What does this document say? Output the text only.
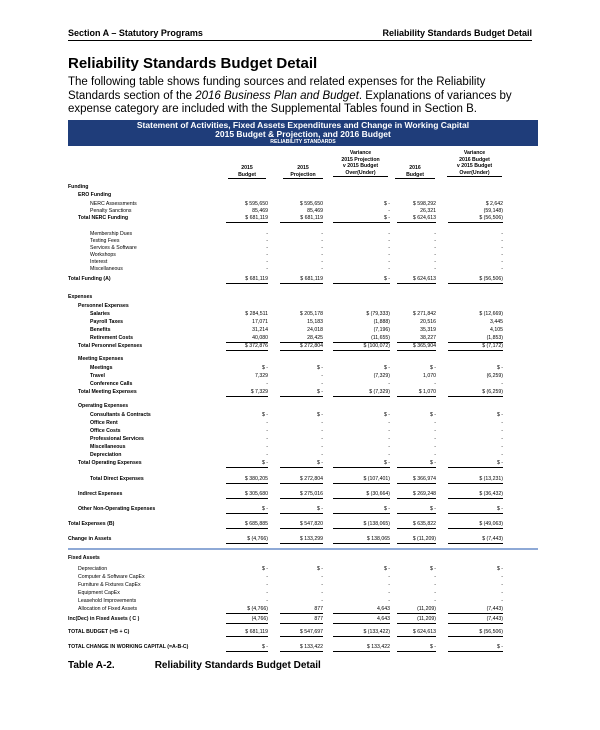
Section A – Statutory Programs	Reliability Standards Budget Detail
Reliability Standards Budget Detail
The following table shows funding sources and related expenses for the Reliability Standards section of the 2016 Business Plan and Budget. Explanations of variances by expense category are included with the Supplemental Tables found in Section B.
Statement of Activities, Fixed Assets Expenditures and Change in Working Capital
2015 Budget & Projection, and 2016 Budget
RELIABILITY STANDARDS
2015
Budget
2015
Projection
Variance
2015 Projection
v 2015 Budget
Over(Under)
2016
Budget
Variance
2016 Budget
v 2015 Budget
Over(Under)
Funding
ERO Funding
NERC Assessments	$ 595,650	$ 595,650	$ -	$ 598,292	$ 2,642
Penalty Sanctions	85,469	85,469	-	26,321	(59,148)
Total NERC Funding	$ 681,119	$ 681,119	$ -	$ 624,613	$ (56,506)
Membership Dues	-	-	-	-	-
Testing Fees	-	-	-	-	-
Services & Software	-	-	-	-	-
Workshops	-	-	-	-	-
Interest	-	-	-	-	-
Miscellaneous	-	-	-	-	-
Total Funding (A)	$ 681,119	$ 681,119	$ -	$ 624,613	$ (56,506)
Expenses
Personnel Expenses
Salaries	$ 284,511	$ 205,178	$ (79,333)	$ 271,842	$ (12,669)
Payroll Taxes	17,071	15,183	(1,888)	20,516	3,445
Benefits	31,214	24,018	(7,196)	35,319	4,105
Retirement Costs	40,080	28,425	(11,655)	38,227	(1,853)
Total Personnel Expenses	$ 372,876	$ 272,804	$ (100,072)	$ 365,904	$ (7,172)
Meeting Expenses
Meetings	$ -	$ -	$ -	$ -	$ -
Travel	7,329	-	(7,329)	1,070	(6,259)
Conference Calls	-	-	-	-	-
Total Meeting Expenses	$ 7,329	$ -	$ (7,329)	$ 1,070	$ (6,259)
Operating Expenses
Consultants & Contracts	$ -	$ -	$ -	$ -	$ -
Office Rent	-	-	-	-	-
Office Costs	-	-	-	-	-
Professional Services	-	-	-	-	-
Miscellaneous	-	-	-	-	-
Depreciation	-	-	-	-	-
Total Operating Expenses	$ -	$ -	$ -	$ -	$ -
Total Direct Expenses	$ 380,205	$ 272,804	$ (107,401)	$ 366,974	$ (13,231)
Indirect Expenses	$ 305,680	$ 275,016	$ (30,664)	$ 269,248	$ (36,432)
Other Non-Operating Expenses	$ -	$ -	$ -	$ -	$ -
Total Expenses (B)	$ 685,885	$ 547,820	$ (138,065)	$ 635,822	$ (49,063)
Change in Assets	$ (4,766)	$ 133,299	$ 138,065	$ (11,209)	$ (7,443)
Fixed Assets
Depreciation	$ -	$ -	$ -	$ -	$ -
Computer & Software CapEx	-	-	-	-	-
Furniture & Fixtures CapEx	-	-	-	-	-
Equipment CapEx	-	-	-	-	-
Leasehold Improvements	-	-	-	-	-
Allocation of Fixed Assets	$ (4,766)	877	4,643	(11,209)	(7,443)
Inc(Dec) in Fixed Assets ( C )	(4,766)	877	4,643	(11,209)	(7,443)
TOTAL BUDGET (=B + C)	$ 681,119	$ 547,697	$ (133,422)	$ 624,613	$ (56,506)
TOTAL CHANGE IN WORKING CAPITAL (=A-B-C)	$ -	$ 133,422	$ 133,422	$ -	$ -
Table A-2.	Reliability Standards Budget Detail
